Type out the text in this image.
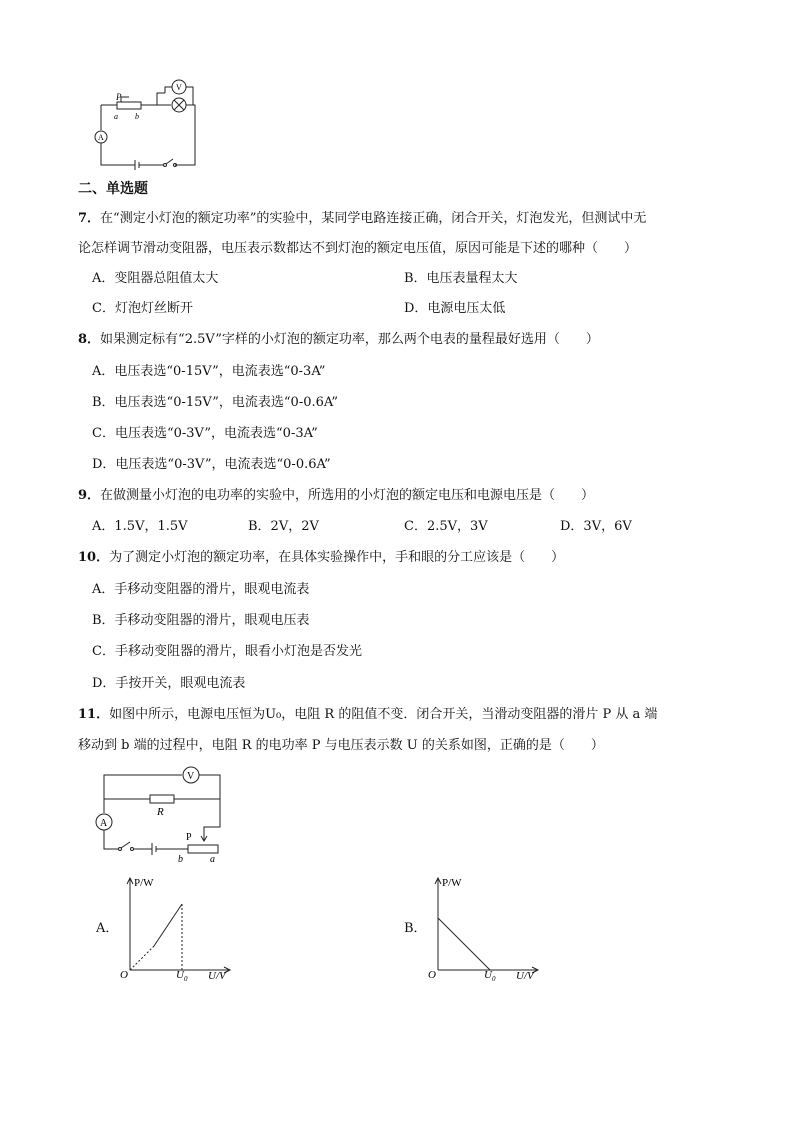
A
V
P
a b
二、单选题
7．在“测定小灯泡的额定功率”的实验中，某同学电路连接正确，闭合开关，灯泡发光，但测试中无
论怎样调节滑动变阻器，电压表示数都达不到灯泡的额定电压值，原因可能是下述的哪种（　　）
A．变阻器总阻值太大	B．电压表量程太大
C．灯泡灯丝断开	D．电源电压太低
8．如果测定标有“2.5V”字样的小灯泡的额定功率，那么两个电表的量程最好选用（　　）
A．电压表选“0-15V”，电流表选“0-3A”
B．电压表选“0-15V”，电流表选“0-0.6A”
C．电压表选“0-3V”，电流表选“0-3A”
D．电压表选“0-3V”，电流表选“0-0.6A”
9．在做测量小灯泡的电功率的实验中，所选用的小灯泡的额定电压和电源电压是（　　）
A．1.5V，1.5V	B．2V，2V	C．2.5V，3V	D．3V，6V
10．为了测定小灯泡的额定功率，在具体实验操作中，手和眼的分工应该是（　　）
A．手移动变阻器的滑片，眼观电流表
B．手移动变阻器的滑片，眼观电压表
C．手移动变阻器的滑片，眼看小灯泡是否发光
D．手按开关，眼观电流表
11．如图中所示，电源电压恒为U₀，电阻 R 的阻值不变．闭合开关，当滑动变阻器的滑片 P 从 a 端
移动到 b 端的过程中，电阻 R 的电功率 P 与电压表示数 U 的关系如图，正确的是（　　）
V
R
A
P
b	a
A．
P/W
O	$U_0$ U/V
B．
P/W
O	$U_0$ U/V
